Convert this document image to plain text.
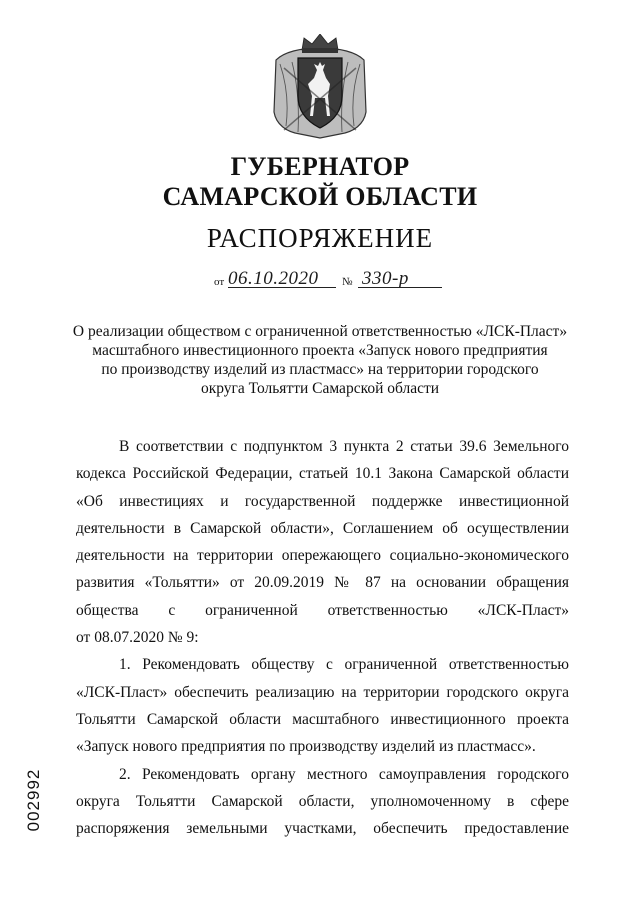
ГУБЕРНАТОР
САМАРСКОЙ ОБЛАСТИ
РАСПОРЯЖЕНИЕ
от 06.10.2020 № 330-р
О реализации обществом с ограниченной ответственностью «ЛСК-Пласт»
масштабного инвестиционного проекта «Запуск нового предприятия
по производству изделий из пластмасс» на территории городского
округа Тольятти Самарской области
В соответствии с подпунктом 3 пункта 2 статьи 39.6 Земельного
кодекса Российской Федерации, статьей 10.1 Закона Самарской области
«Об инвестициях и государственной поддержке инвестиционной
деятельности в Самарской области», Соглашением об осуществлении
деятельности на территории опережающего социально-экономического
развития «Тольятти» от 20.09.2019 № 87 на основании обращения
общества с ограниченной ответственностью «ЛСК-Пласт»
от 08.07.2020 № 9:
1. Рекомендовать обществу с ограниченной ответственностью
«ЛСК-Пласт» обеспечить реализацию на территории городского округа
Тольятти Самарской области масштабного инвестиционного проекта
«Запуск нового предприятия по производству изделий из пластмасс».
2. Рекомендовать органу местного самоуправления городского
округа Тольятти Самарской области, уполномоченному в сфере
распоряжения земельными участками, обеспечить предоставление
002992
